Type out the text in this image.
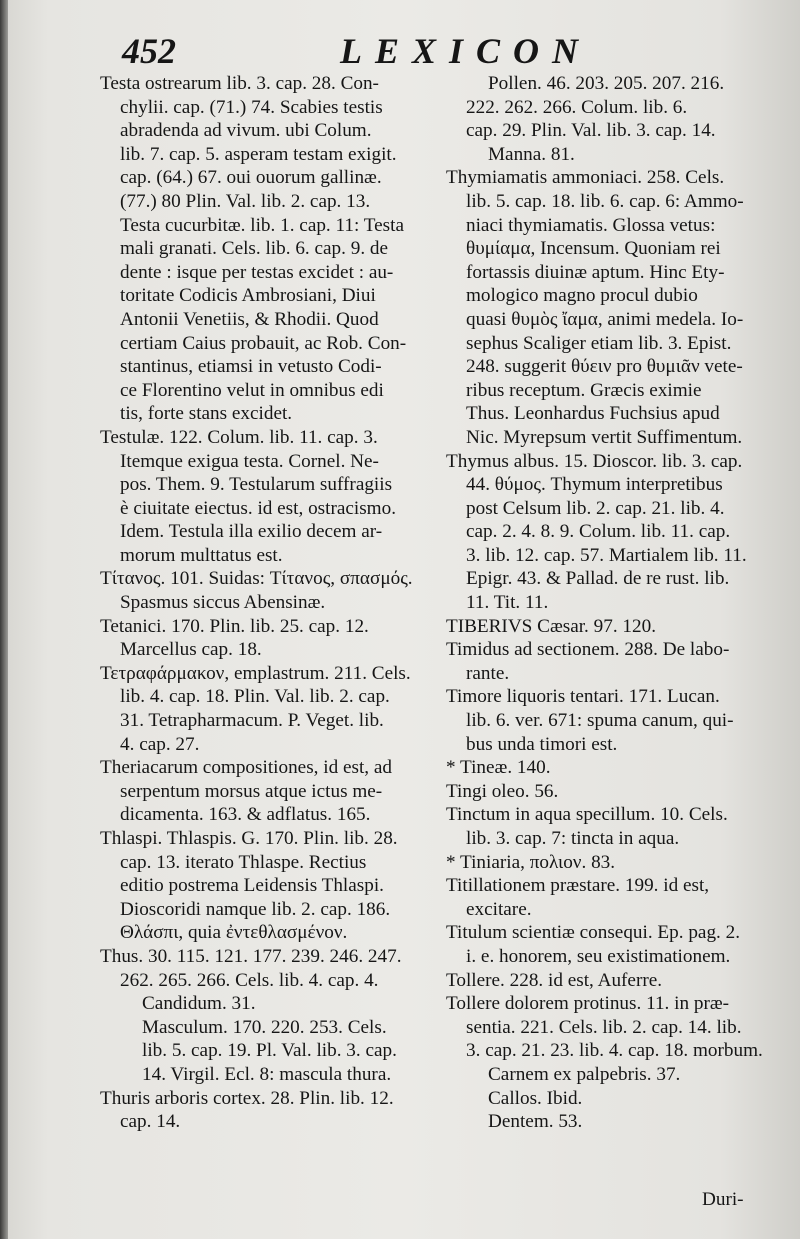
452	LEXICON
Testa ostrearum lib. 3. cap. 28. Con-
chylii. cap. (71.) 74. Scabies testis
abradenda ad vivum. ubi Colum.
lib. 7. cap. 5. asperam testam exigit.
cap. (64.) 67. oui ouorum gallinæ.
(77.) 80 Plin. Val. lib. 2. cap. 13.
Testa cucurbitæ. lib. 1. cap. 11: Testa
mali granati. Cels. lib. 6. cap. 9. de
dente : isque per testas excidet : au-
toritate Codicis Ambrosiani, Diui
Antonii Venetiis, & Rhodii. Quod
certiam Caius probauit, ac Rob. Con-
stantinus, etiamsi in vetusto Codi-
ce Florentino velut in omnibus edi
tis, forte stans excidet.
Testulæ. 122. Colum. lib. 11. cap. 3.
Itemque exigua testa. Cornel. Ne-
pos. Them. 9. Testularum suffragiis
è ciuitate eiectus. id est, ostracismo.
Idem. Testula illa exilio decem ar-
morum multtatus est.
Τίτανος. 101. Suidas: Τίτανος, σπασμός.
Spasmus siccus Abensinæ.
Tetanici. 170. Plin. lib. 25. cap. 12.
Marcellus cap. 18.
Τετραφάρμακον, emplastrum. 211. Cels.
lib. 4. cap. 18. Plin. Val. lib. 2. cap.
31. Tetrapharmacum. P. Veget. lib.
4. cap. 27.
Theriacarum compositiones, id est, ad
serpentum morsus atque ictus me-
dicamenta. 163. & adflatus. 165.
Thlaspi. Thlaspis. G. 170. Plin. lib. 28.
cap. 13. iterato Thlaspe. Rectius
editio postrema Leidensis Thlaspi.
Dioscoridi namque lib. 2. cap. 186.
Θλάσπι, quia ἐντεθλασμένον.
Thus. 30. 115. 121. 177. 239. 246. 247.
262. 265. 266. Cels. lib. 4. cap. 4.
Candidum. 31.
Masculum. 170. 220. 253. Cels.
lib. 5. cap. 19. Pl. Val. lib. 3. cap.
14. Virgil. Ecl. 8: mascula thura.
Thuris arboris cortex. 28. Plin. lib. 12.
cap. 14.
Pollen. 46. 203. 205. 207. 216.
222. 262. 266. Colum. lib. 6.
cap. 29. Plin. Val. lib. 3. cap. 14.
Manna. 81.
Thymiamatis ammoniaci. 258. Cels.
lib. 5. cap. 18. lib. 6. cap. 6: Ammo-
niaci thymiamatis. Glossa vetus:
θυμίαμα, Incensum. Quoniam rei
fortassis diuinæ aptum. Hinc Ety-
mologico magno procul dubio
quasi θυμὸς ἴαμα, animi medela. Io-
sephus Scaliger etiam lib. 3. Epist.
248. suggerit θύειν pro θυμιᾶν vete-
ribus receptum. Græcis eximie
Thus. Leonhardus Fuchsius apud
Nic. Myrepsum vertit Suffimentum.
Thymus albus. 15. Dioscor. lib. 3. cap.
44. θύμος. Thymum interpretibus
post Celsum lib. 2. cap. 21. lib. 4.
cap. 2. 4. 8. 9. Colum. lib. 11. cap.
3. lib. 12. cap. 57. Martialem lib. 11.
Epigr. 43. & Pallad. de re rust. lib.
11. Tit. 11.
TIBERIVS Cæsar. 97. 120.
Timidus ad sectionem. 288. De labo-
rante.
Timore liquoris tentari. 171. Lucan.
lib. 6. ver. 671: spuma canum, qui-
bus unda timori est.
* Tineæ. 140.
Tingi oleo. 56.
Tinctum in aqua specillum. 10. Cels.
lib. 3. cap. 7: tincta in aqua.
* Tiniaria, πολιον. 83.
Titillationem præstare. 199. id est,
excitare.
Titulum scientiæ consequi. Ep. pag. 2.
i. e. honorem, seu existimationem.
Tollere. 228. id est, Auferre.
Tollere dolorem protinus. 11. in præ-
sentia. 221. Cels. lib. 2. cap. 14. lib.
3. cap. 21. 23. lib. 4. cap. 18. morbum.
Carnem ex palpebris. 37.
Callos. Ibid.
Dentem. 53.
Duri-
